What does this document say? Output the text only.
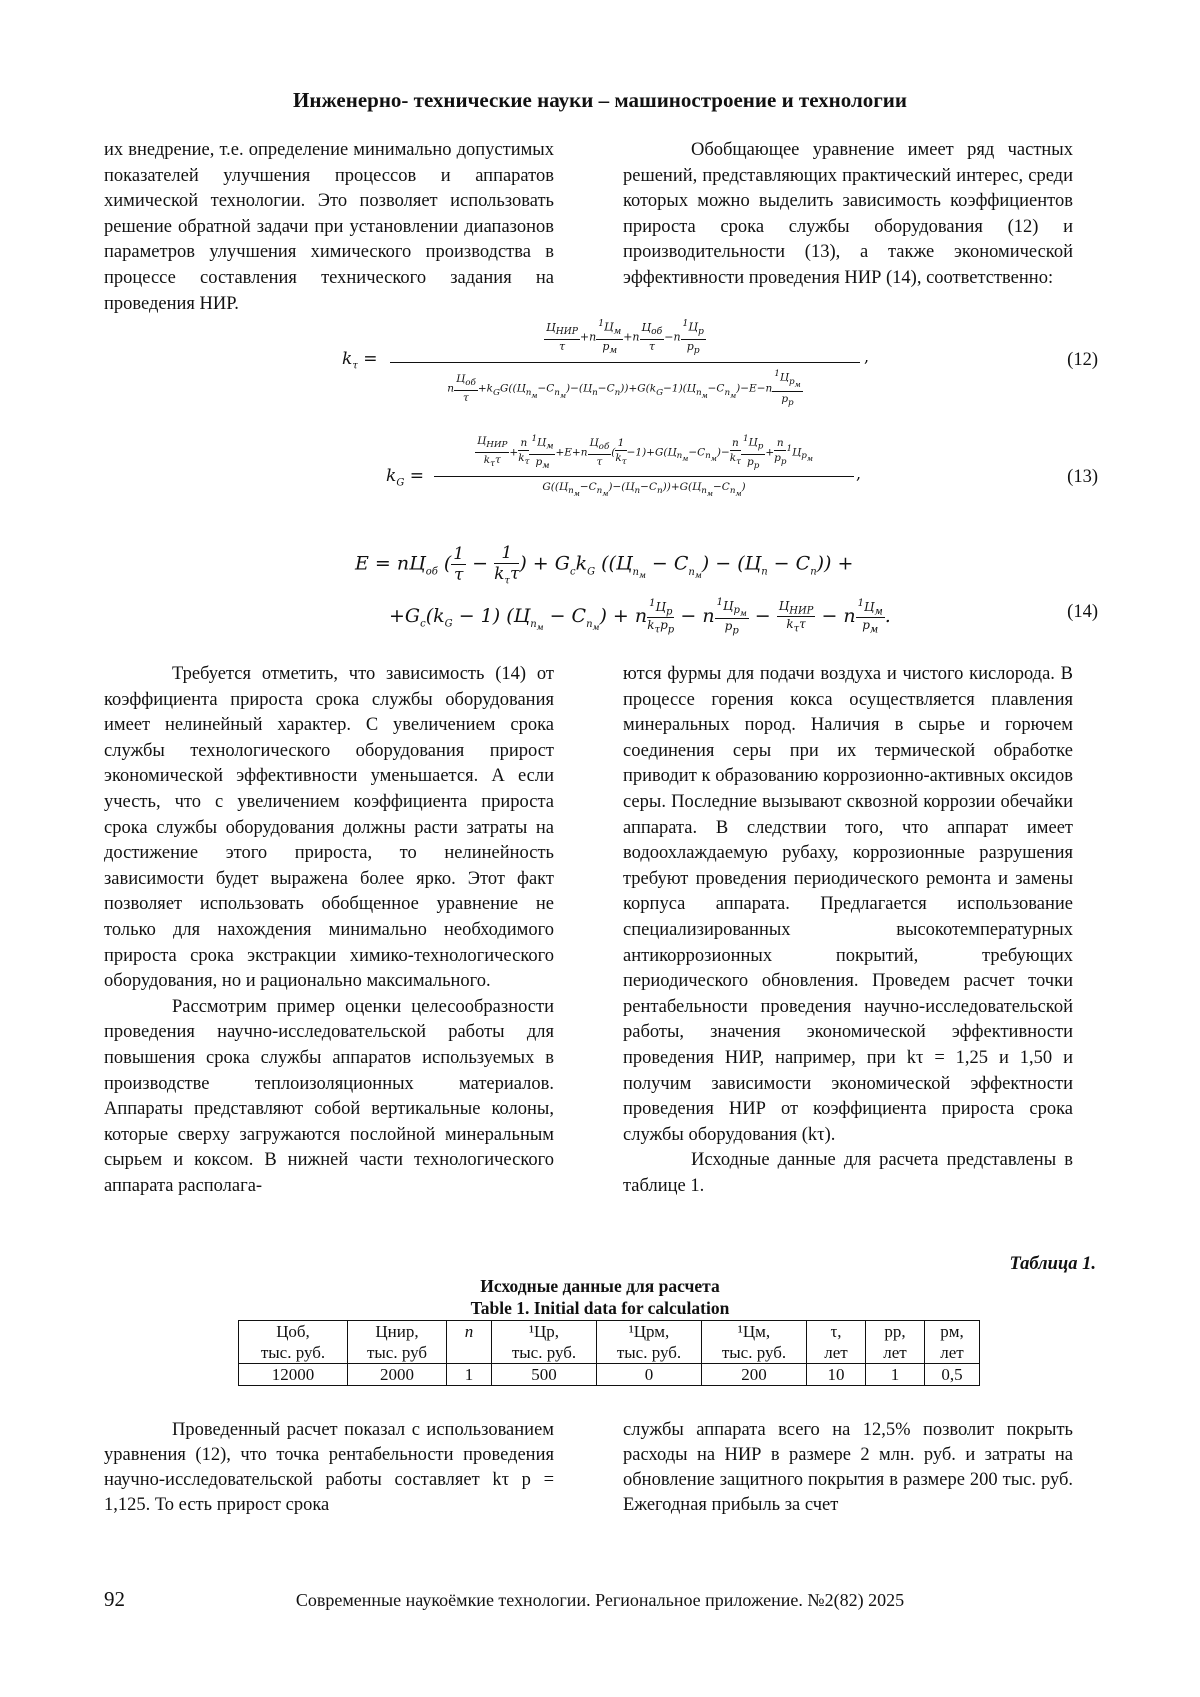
Инженерно- технические науки – машиностроение и технологии

их внедрение, т.е. определение минимально допустимых показателей улучшения процессов и аппаратов химической технологии. Это позволяет использовать решение обратной задачи при установлении диапазонов параметров улучшения химического производства в процессе составления технического задания на проведения НИР.

Обобщающее уравнение имеет ряд частных решений, представляющих практический интерес, среди которых можно выделить зависимость коэффициентов прироста срока службы оборудования (12) и производительности (13), а также экономической эффективности проведения НИР (14), соответственно:

$k_\tau$ =
$\frac{Ц_{НИР}}{\tau} +n \frac{^1Ц_м}{p_м} +n \frac{Ц_{об}}{\tau} -n \frac{^1Ц_р}{p_р}$
n $\frac{Ц_{об}}{\tau} +k_GG((Ц_{п_м}-C_{п_м})-(Ц_п-C_п))+G(k_G-1)(Ц_{п_м}-C_{п_м})-E-n \frac{^1Ц_{р_м}}{p_р}$
,	(12)
$k_G$ =
$\frac{Ц_{НИР}}{k_\tau\tau} + \frac{n}{k_\tau} \frac{^1Ц_м}{p_м} +E+n \frac{Ц_{об}}{\tau}$ ( $\frac{1}{k_\tau} -1)+G(Ц_{п_м}-C_{п_м})- \frac{n}{k_\tau} \frac{^1Ц_р}{p_р} + \frac{n}{p_р} ^1Ц_{р_м}$
$G((Ц_{п_м}-C_{п_м})-(Ц_п-C_п))+G(Ц_{п_м}-C_{п_м})$
,	(13)
$E = nЦ_{об}$ ( $\frac{1}{\tau} - \frac{1}{k_\tau\tau}$ ) + $G_ck_G$ $((Ц_{п_м} - C_{п_м}) - (Ц_п - C_п))$ +
$+G_c(k_G - 1) (Ц_{п_м} - C_{п_м}) + n \frac{^1Ц_р}{k_\tau p_р} - n \frac{^1Ц_{р_м}}{p_р} - \frac{Ц_{НИР}}{k_\tau\tau} - n \frac{^1Ц_м}{p_м}$ .	(14)

Требуется отметить, что зависимость (14) от коэффициента прироста срока службы оборудования имеет нелинейный характер. С увеличением срока службы технологического оборудования прирост экономической эффективности уменьшается. А если учесть, что с увеличением коэффициента прироста срока службы оборудования должны расти затраты на достижение этого прироста, то нелинейность зависимости будет выражена более ярко. Этот факт позволяет использовать обобщенное уравнение не только для нахождения минимально необходимого прироста срока экстракции химико-технологического оборудования, но и рационально максимального.

Рассмотрим пример оценки целесообразности проведения научно-исследовательской работы для повышения срока службы аппаратов используемых в производстве теплоизоляционных материалов. Аппараты представляют собой вертикальные колоны, которые сверху загружаются послойной минеральным сырьем и коксом. В нижней части технологического аппарата располага-

ются фурмы для подачи воздуха и чистого кислорода. В процессе горения кокса осуществляется плавления минеральных пород. Наличия в сырье и горючем соединения серы при их термической обработке приводит к образованию коррозионно-активных оксидов серы. Последние вызывают сквозной коррозии обечайки аппарата. В следствии того, что аппарат имеет водоохлаждаемую рубаху, коррозионные разрушения требуют проведения периодического ремонта и замены корпуса аппарата. Предлагается использование специализированных высокотемпературных антикоррозионных покрытий, требующих периодического обновления. Проведем расчет точки рентабельности проведения научно-исследовательской работы, значения экономической эффективности проведения НИР, например, при kτ = 1,25 и 1,50 и получим зависимости экономической эффектности проведения НИР от коэффициента прироста срока службы оборудования (kτ).

Исходные данные для расчета представлены в таблице 1.

Таблица 1.
Исходные данные для расчета
Table 1. Initial data for calculation
Цоб,	Цнир,	n	¹Цр,	¹Црм,	¹Цм,	τ,	pр,	pм,
тыс. руб.	тыс. руб		тыс. руб.	тыс. руб.	тыс. руб.	лет	лет	лет
12000	2000	1	500	0	200	10	1	0,5

Проведенный расчет показал с использованием уравнения (12), что точка рентабельности проведения научно-исследовательской работы составляет kτ р = 1,125. То есть прирост срока

службы аппарата всего на 12,5% позволит покрыть расходы на НИР в размере 2 млн. руб. и затраты на обновление защитного покрытия в размере 200 тыс. руб. Ежегодная прибыль за счет

92	Современные наукоёмкие технологии. Региональное приложение. №2(82) 2025
